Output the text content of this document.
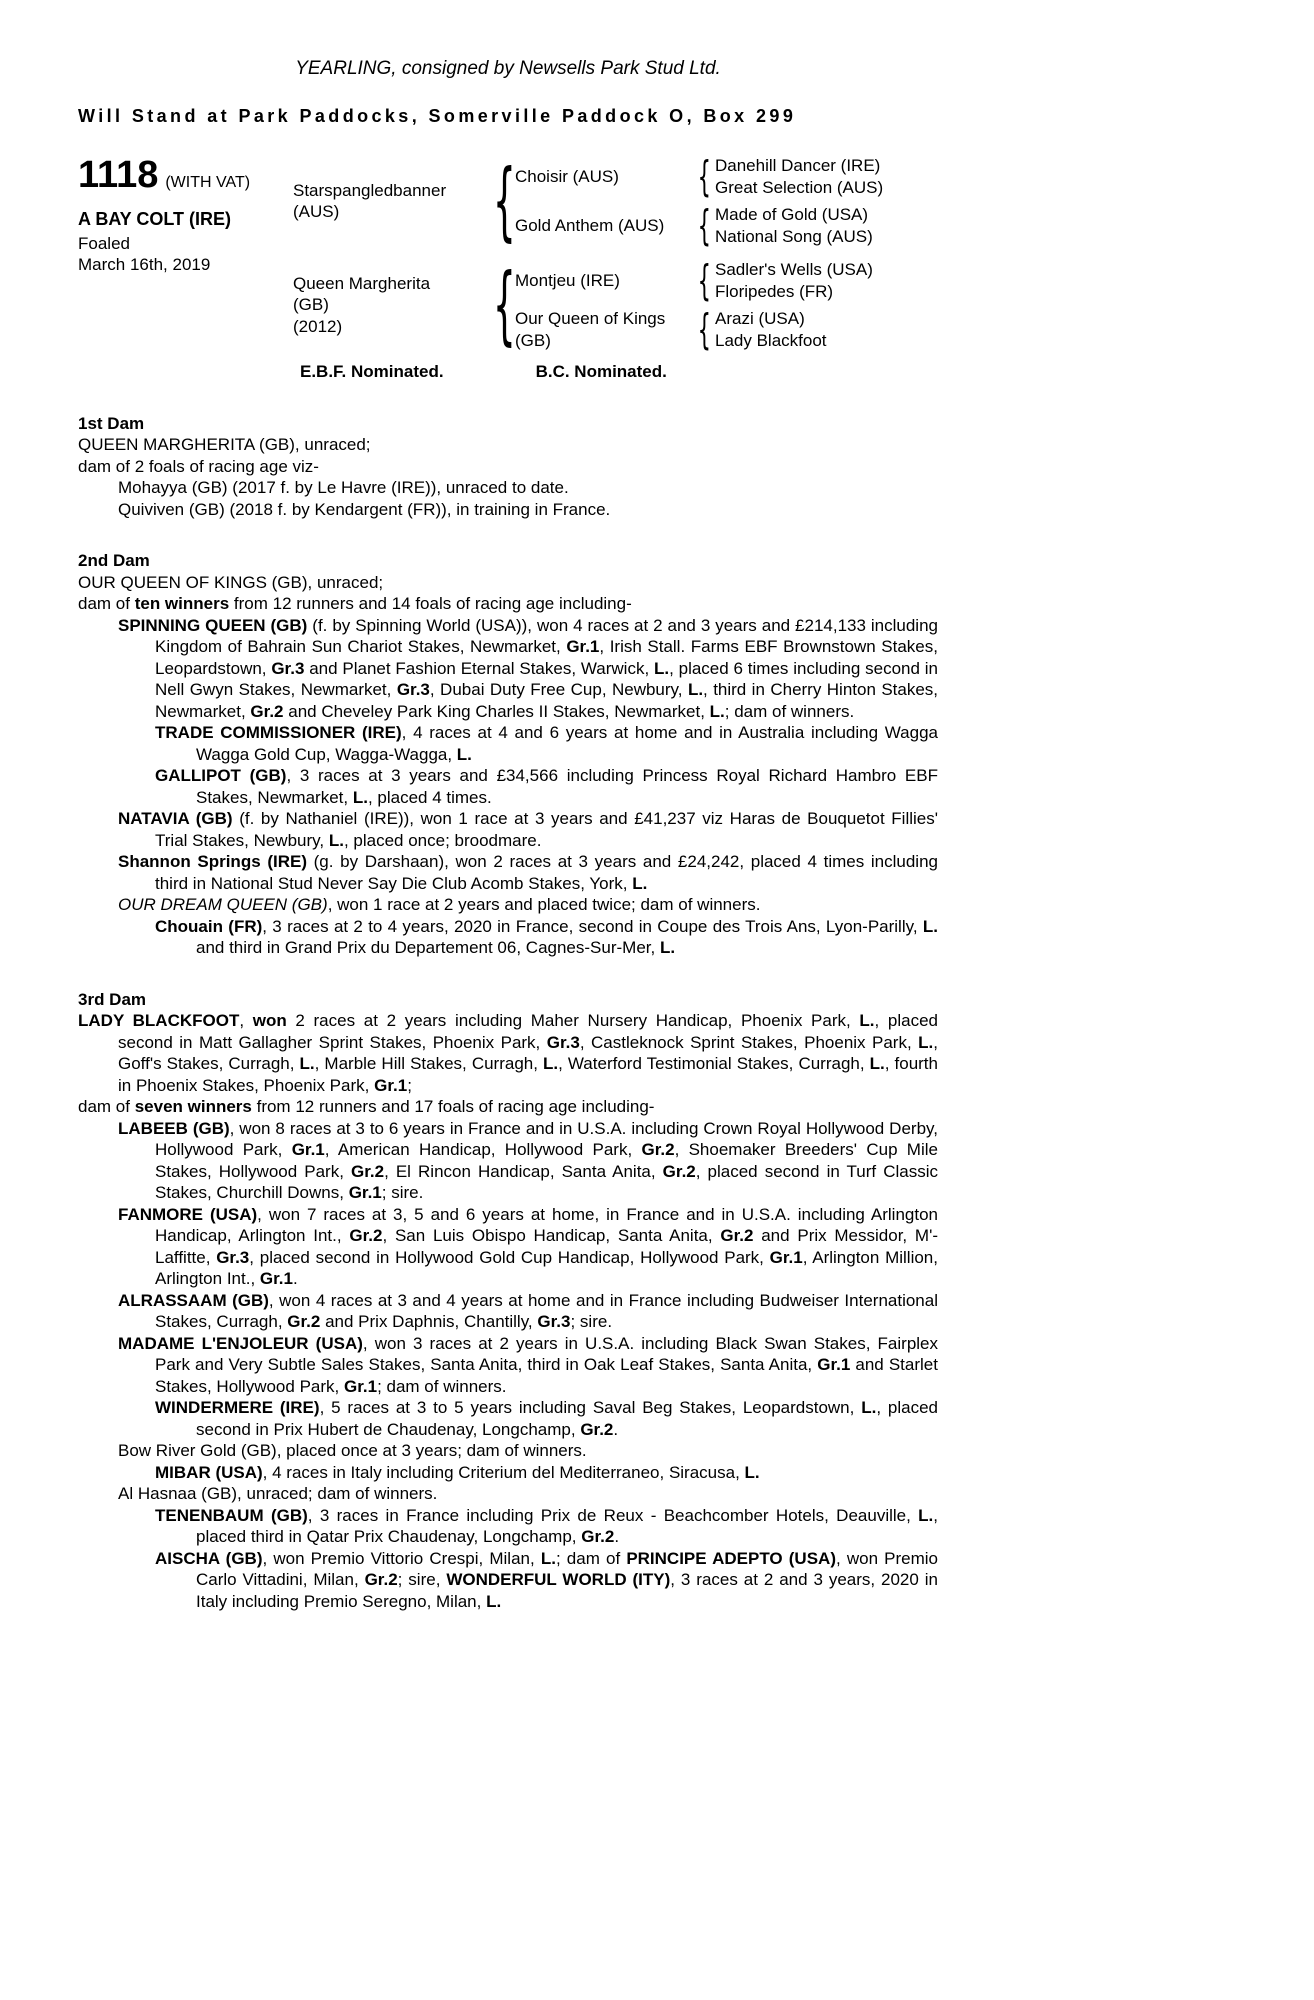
YEARLING, consigned by Newsells Park Stud Ltd.
Will Stand at Park Paddocks, Somerville Paddock O, Box 299
1118 (WITH VAT)
A BAY COLT (IRE)
Foaled
March 16th, 2019
Starspangledbanner
(AUS)
{
Choisir (AUS)
{
Danehill Dancer (IRE)
Great Selection (AUS)
Gold Anthem (AUS)
{
Made of Gold (USA)
National Song (AUS)
Queen Margherita
(GB)
(2012)
{
Montjeu (IRE)
{
Sadler's Wells (USA)
Floripedes (FR)
Our Queen of Kings
(GB)
{
Arazi (USA)
Lady Blackfoot
E.B.F. Nominated.	B.C. Nominated.
1st Dam

QUEEN MARGHERITA (GB), unraced;

dam of 2 foals of racing age viz-

Mohayya (GB) (2017 f. by Le Havre (IRE)), unraced to date.

Quiviven (GB) (2018 f. by Kendargent (FR)), in training in France.

2nd Dam

OUR QUEEN OF KINGS (GB), unraced;

dam of ten winners from 12 runners and 14 foals of racing age including-

SPINNING QUEEN (GB) (f. by Spinning World (USA)), won 4 races at 2 and 3 years and £214,133 including Kingdom of Bahrain Sun Chariot Stakes, Newmarket, Gr.1, Irish Stall. Farms EBF Brownstown Stakes, Leopardstown, Gr.3 and Planet Fashion Eternal Stakes, Warwick, L., placed 6 times including second in Nell Gwyn Stakes, Newmarket, Gr.3, Dubai Duty Free Cup, Newbury, L., third in Cherry Hinton Stakes, Newmarket, Gr.2 and Cheveley Park King Charles II Stakes, Newmarket, L.; dam of winners.

TRADE COMMISSIONER (IRE), 4 races at 4 and 6 years at home and in Australia including Wagga Wagga Gold Cup, Wagga-Wagga, L.

GALLIPOT (GB), 3 races at 3 years and £34,566 including Princess Royal Richard Hambro EBF Stakes, Newmarket, L., placed 4 times.

NATAVIA (GB) (f. by Nathaniel (IRE)), won 1 race at 3 years and £41,237 viz Haras de Bouquetot Fillies' Trial Stakes, Newbury, L., placed once; broodmare.

Shannon Springs (IRE) (g. by Darshaan), won 2 races at 3 years and £24,242, placed 4 times including third in National Stud Never Say Die Club Acomb Stakes, York, L.

OUR DREAM QUEEN (GB), won 1 race at 2 years and placed twice; dam of winners.

Chouain (FR), 3 races at 2 to 4 years, 2020 in France, second in Coupe des Trois Ans, Lyon-Parilly, L. and third in Grand Prix du Departement 06, Cagnes-Sur-Mer, L.

3rd Dam

LADY BLACKFOOT, won 2 races at 2 years including Maher Nursery Handicap, Phoenix Park, L., placed second in Matt Gallagher Sprint Stakes, Phoenix Park, Gr.3, Castleknock Sprint Stakes, Phoenix Park, L., Goff's Stakes, Curragh, L., Marble Hill Stakes, Curragh, L., Waterford Testimonial Stakes, Curragh, L., fourth in Phoenix Stakes, Phoenix Park, Gr.1;

dam of seven winners from 12 runners and 17 foals of racing age including-

LABEEB (GB), won 8 races at 3 to 6 years in France and in U.S.A. including Crown Royal Hollywood Derby, Hollywood Park, Gr.1, American Handicap, Hollywood Park, Gr.2, Shoemaker Breeders' Cup Mile Stakes, Hollywood Park, Gr.2, El Rincon Handicap, Santa Anita, Gr.2, placed second in Turf Classic Stakes, Churchill Downs, Gr.1; sire.

FANMORE (USA), won 7 races at 3, 5 and 6 years at home, in France and in U.S.A. including Arlington Handicap, Arlington Int., Gr.2, San Luis Obispo Handicap, Santa Anita, Gr.2 and Prix Messidor, M'-Laffitte, Gr.3, placed second in Hollywood Gold Cup Handicap, Hollywood Park, Gr.1, Arlington Million, Arlington Int., Gr.1.

ALRASSAAM (GB), won 4 races at 3 and 4 years at home and in France including Budweiser International Stakes, Curragh, Gr.2 and Prix Daphnis, Chantilly, Gr.3; sire.

MADAME L'ENJOLEUR (USA), won 3 races at 2 years in U.S.A. including Black Swan Stakes, Fairplex Park and Very Subtle Sales Stakes, Santa Anita, third in Oak Leaf Stakes, Santa Anita, Gr.1 and Starlet Stakes, Hollywood Park, Gr.1; dam of winners.

WINDERMERE (IRE), 5 races at 3 to 5 years including Saval Beg Stakes, Leopardstown, L., placed second in Prix Hubert de Chaudenay, Longchamp, Gr.2.

Bow River Gold (GB), placed once at 3 years; dam of winners.

MIBAR (USA), 4 races in Italy including Criterium del Mediterraneo, Siracusa, L.

Al Hasnaa (GB), unraced; dam of winners.

TENENBAUM (GB), 3 races in France including Prix de Reux - Beachcomber Hotels, Deauville, L., placed third in Qatar Prix Chaudenay, Longchamp, Gr.2.

AISCHA (GB), won Premio Vittorio Crespi, Milan, L.; dam of PRINCIPE ADEPTO (USA), won Premio Carlo Vittadini, Milan, Gr.2; sire, WONDERFUL WORLD (ITY), 3 races at 2 and 3 years, 2020 in Italy including Premio Seregno, Milan, L.
